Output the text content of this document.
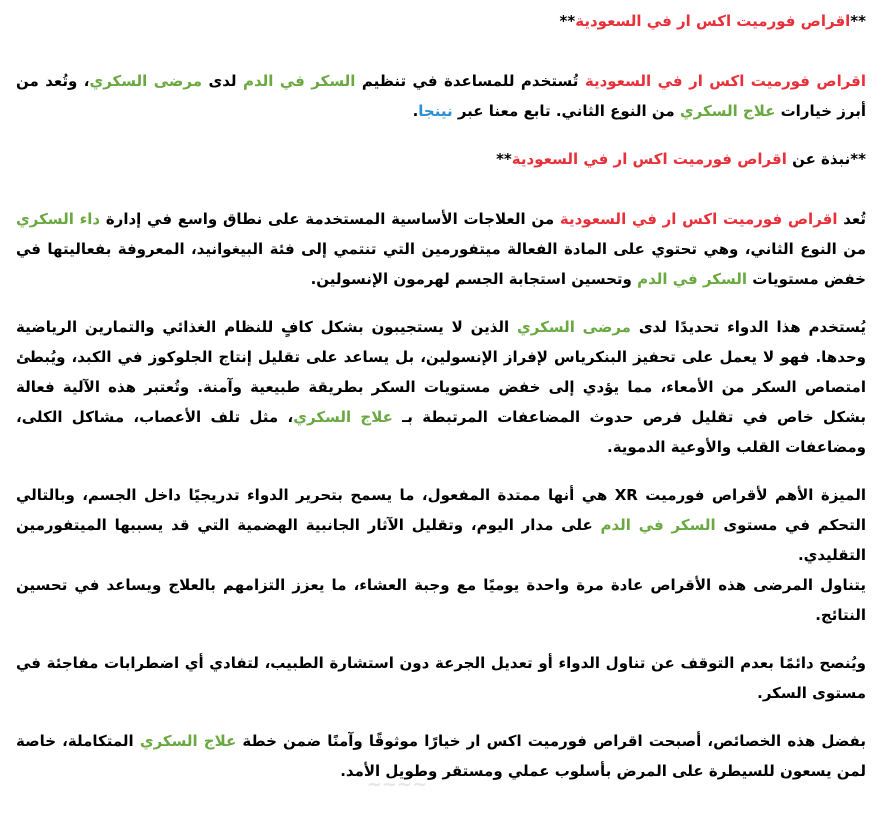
**اقراص فورميت اكس ار في السعودية**

اقراص فورميت اكس ار في السعودية تُستخدم للمساعدة في تنظيم السكر في الدم لدى مرضى السكري، وتُعد من أبرز خيارات علاج السكري من النوع الثاني. تابع معنا عبر نينجا.

**نبذة عن اقراص فورميت اكس ار في السعودية**

تُعد اقراص فورميت اكس ار في السعودية من العلاجات الأساسية المستخدمة على نطاق واسع في إدارة داء السكري من النوع الثاني، وهي تحتوي على المادة الفعالة ميتفورمين التي تنتمي إلى فئة البيغوانيد، المعروفة بفعاليتها في خفض مستويات السكر في الدم وتحسين استجابة الجسم لهرمون الإنسولين.

يُستخدم هذا الدواء تحديدًا لدى مرضى السكري الذين لا يستجيبون بشكل كافٍ للنظام الغذائي والتمارين الرياضية وحدها. فهو لا يعمل على تحفيز البنكرياس لإفراز الإنسولين، بل يساعد على تقليل إنتاج الجلوكوز في الكبد، ويُبطئ امتصاص السكر من الأمعاء، مما يؤدي إلى خفض مستويات السكر بطريقة طبيعية وآمنة. وتُعتبر هذه الآلية فعالة بشكل خاص في تقليل فرص حدوث المضاعفات المرتبطة بـ علاج السكري، مثل تلف الأعصاب، مشاكل الكلى، ومضاعفات القلب والأوعية الدموية.

الميزة الأهم لأقراص فورميت XR هي أنها ممتدة المفعول، ما يسمح بتحرير الدواء تدريجيًا داخل الجسم، وبالتالي التحكم في مستوى السكر في الدم على مدار اليوم، وتقليل الآثار الجانبية الهضمية التي قد يسببها الميتفورمين التقليدي.

يتناول المرضى هذه الأقراص عادة مرة واحدة يوميًا مع وجبة العشاء، ما يعزز التزامهم بالعلاج ويساعد في تحسين النتائج.

ويُنصح دائمًا بعدم التوقف عن تناول الدواء أو تعديل الجرعة دون استشارة الطبيب، لتفادي أي اضطرابات مفاجئة في مستوى السكر.

بفضل هذه الخصائص، أصبحت اقراص فورميت اكس ار خيارًا موثوقًا وآمنًا ضمن خطة علاج السكري المتكاملة، خاصة لمن يسعون للسيطرة على المرض بأسلوب عملي ومستقر وطويل الأمد.

~~~~
